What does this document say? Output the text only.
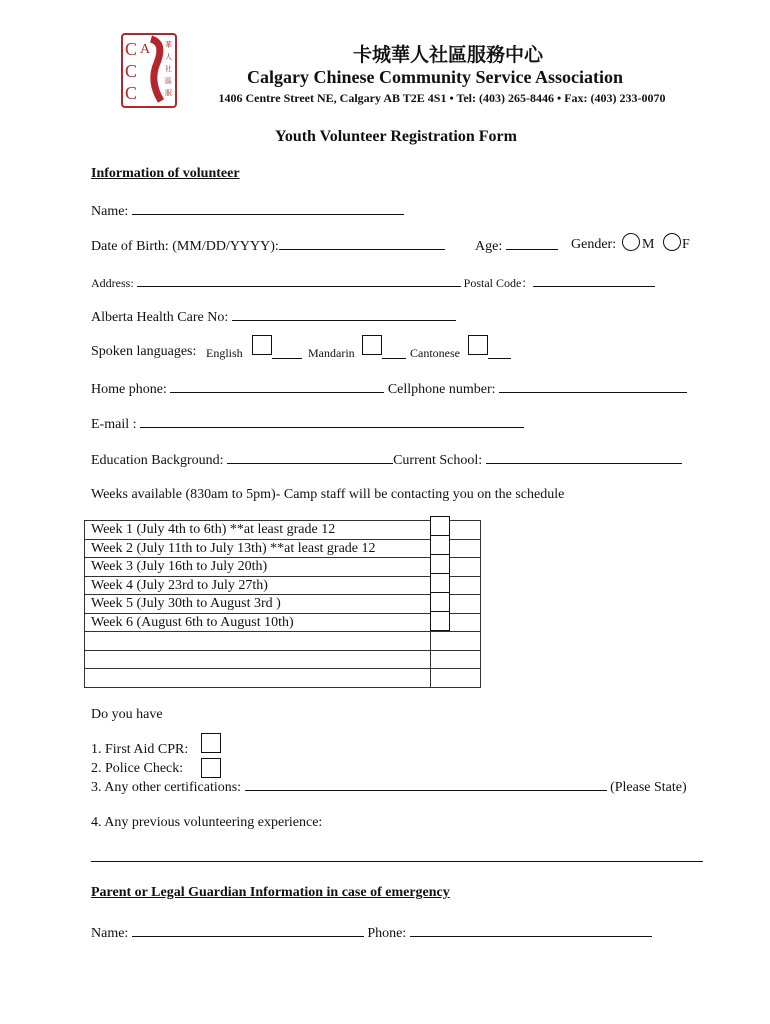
C
C
C
A 華
人
社
區
服
卡城華人社區服務中心
Calgary Chinese Community Service Association
1406 Centre Street NE, Calgary AB T2E 4S1 • Tel: (403) 265-8446 • Fax: (403) 233-0070
Youth Volunteer Registration Form
Information of volunteer
Name:
Date of Birth: (MM/DD/YYYY):	Age:	Gender: M F
Address:	Postal Code：
Alberta Health Care No:
Spoken languages: English	Mandarin	Cantonese
Home phone:	Cellphone number:
E-mail :
Education Background:	Current School:
Weeks available (830am to 5pm)- Camp staff will be contacting you on the schedule
Week 1 (July 4th to 6th) **at least grade 12	
Week 2 (July 11th to July 13th) **at least grade 12	
Week 3 (July 16th to July 20th)	
Week 4 (July 23rd to July 27th)	
Week 5 (July 30th to August 3rd )	
Week 6 (August 6th to August 10th)	

Do you have
1. First Aid CPR:
2. Police Check:
3. Any other certifications:	(Please State)
4. Any previous volunteering experience:
Parent or Legal Guardian Information in case of emergency
Name:	Phone:
